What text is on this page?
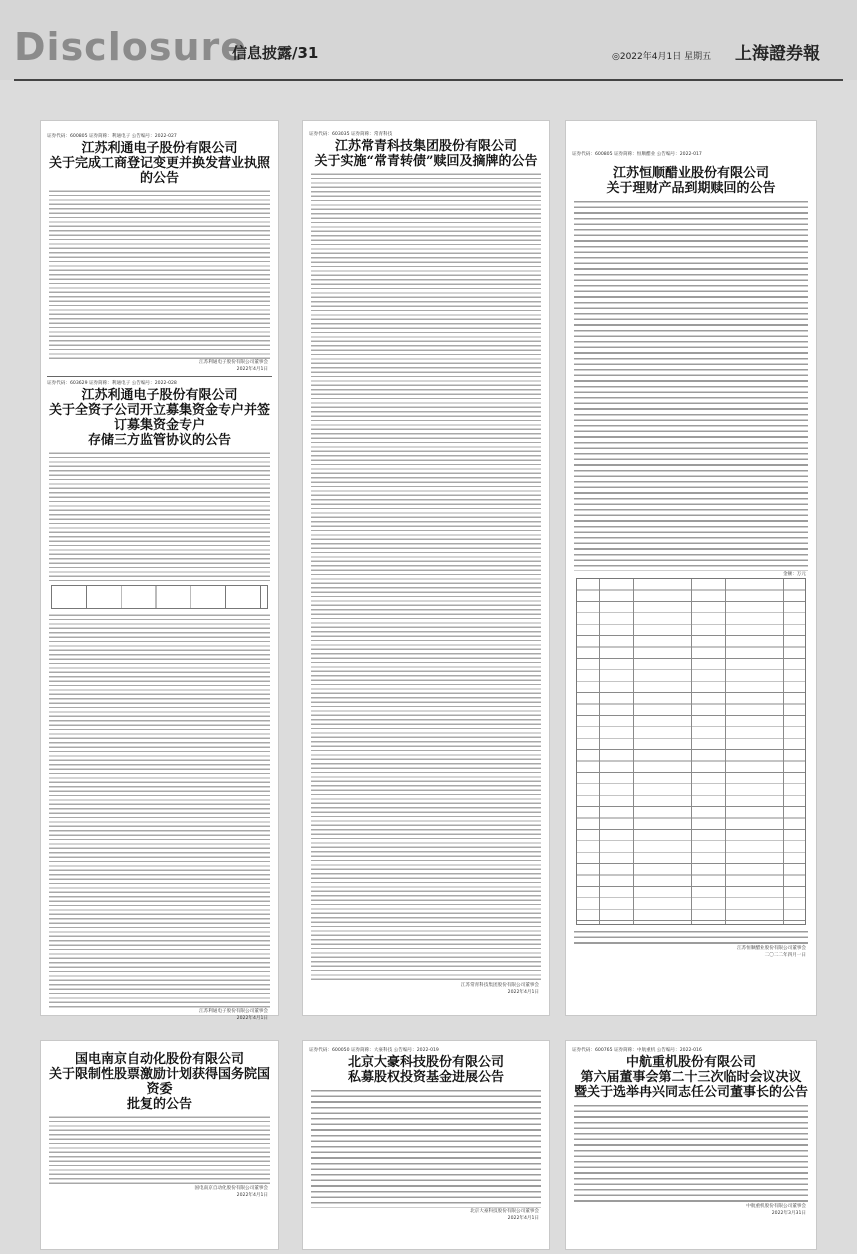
Disclosure
信息披露/31	◎2022年4月1日 星期五 上海證券報
证券代码：600805 证券简称：利通电子 公告编号：2022-027
江苏利通电子股份有限公司
关于完成工商登记变更并换发营业执照的公告
江苏利通电子股份有限公司董事会
2022年4月1日
证券代码：603629 证券简称：利通电子 公告编号：2022-028
江苏利通电子股份有限公司
关于全资子公司开立募集资金专户并签订募集资金专户
存储三方监管协议的公告
江苏利通电子股份有限公司董事会
2022年4月1日
证券代码：603035 证券简称：常青科技
江苏常青科技集团股份有限公司
关于实施“常青转债”赎回及摘牌的公告
江苏常青科技集团股份有限公司董事会
2022年4月1日
证券代码：600805 证券简称：恒顺醋业 公告编号：2022-017
江苏恒顺醋业股份有限公司
关于理财产品到期赎回的公告
金额：万元
江苏恒顺醋业股份有限公司董事会
二〇二二年四月一日
国电南京自动化股份有限公司
关于限制性股票激励计划获得国务院国资委
批复的公告
国电南京自动化股份有限公司董事会
2022年4月1日
证券代码：600050 证券简称：大豪科技 公告编号：2022-019
北京大豪科技股份有限公司
私募股权投资基金进展公告
北京大豪科技股份有限公司董事会
2022年4月1日
证券代码：600765 证券简称：中航重机 公告编号：2022-016
中航重机股份有限公司
第六届董事会第二十三次临时会议决议
暨关于选举冉兴同志任公司董事长的公告
中航重机股份有限公司董事会
2022年3月31日
